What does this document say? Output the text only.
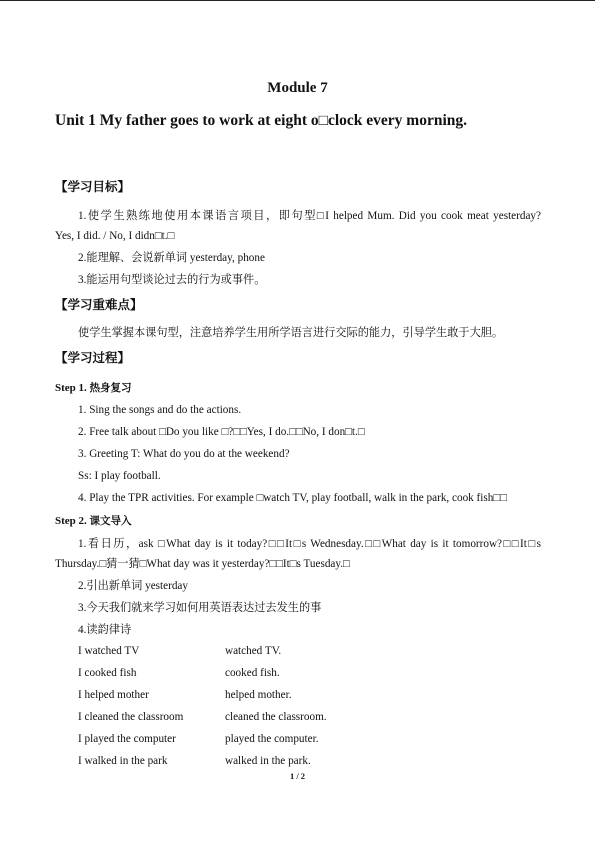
Module 7
Unit 1 My father goes to work at eight o□clock every morning.
【学习目标】
1.使学生熟练地使用本课语言项目，即句型□I helped Mum. Did you cook meat yesterday?
Yes, I did. / No, I didn□t.□
2.能理解、会说新单词 yesterday, phone
3.能运用句型谈论过去的行为或事件。
【学习重难点】
使学生掌握本课句型，注意培养学生用所学语言进行交际的能力，引导学生敢于大胆。
【学习过程】
Step 1. 热身复习
1. Sing the songs and do the actions.
2. Free talk about □Do you like □?□□Yes, I do.□□No, I don□t.□
3. Greeting T: What do you do at the weekend?
Ss: I play football.
4. Play the TPR activities. For example □watch TV, play football, walk in the park, cook fish□□
Step 2. 课文导入
1.看日历，ask □What day is it today?□□It□s Wednesday.□□What day is it tomorrow?□□It□s
Thursday.□猜一猜□What day was it yesterday?□□It□s Tuesday.□
2.引出新单词 yesterday
3.今天我们就来学习如何用英语表达过去发生的事
4.读韵律诗
I watched TV	watched TV.
I cooked fish	cooked fish.
I helped mother	helped mother.
I cleaned the classroom	cleaned the classroom.
I played the computer	played the computer.
I walked in the park	walked in the park.
1 / 2
